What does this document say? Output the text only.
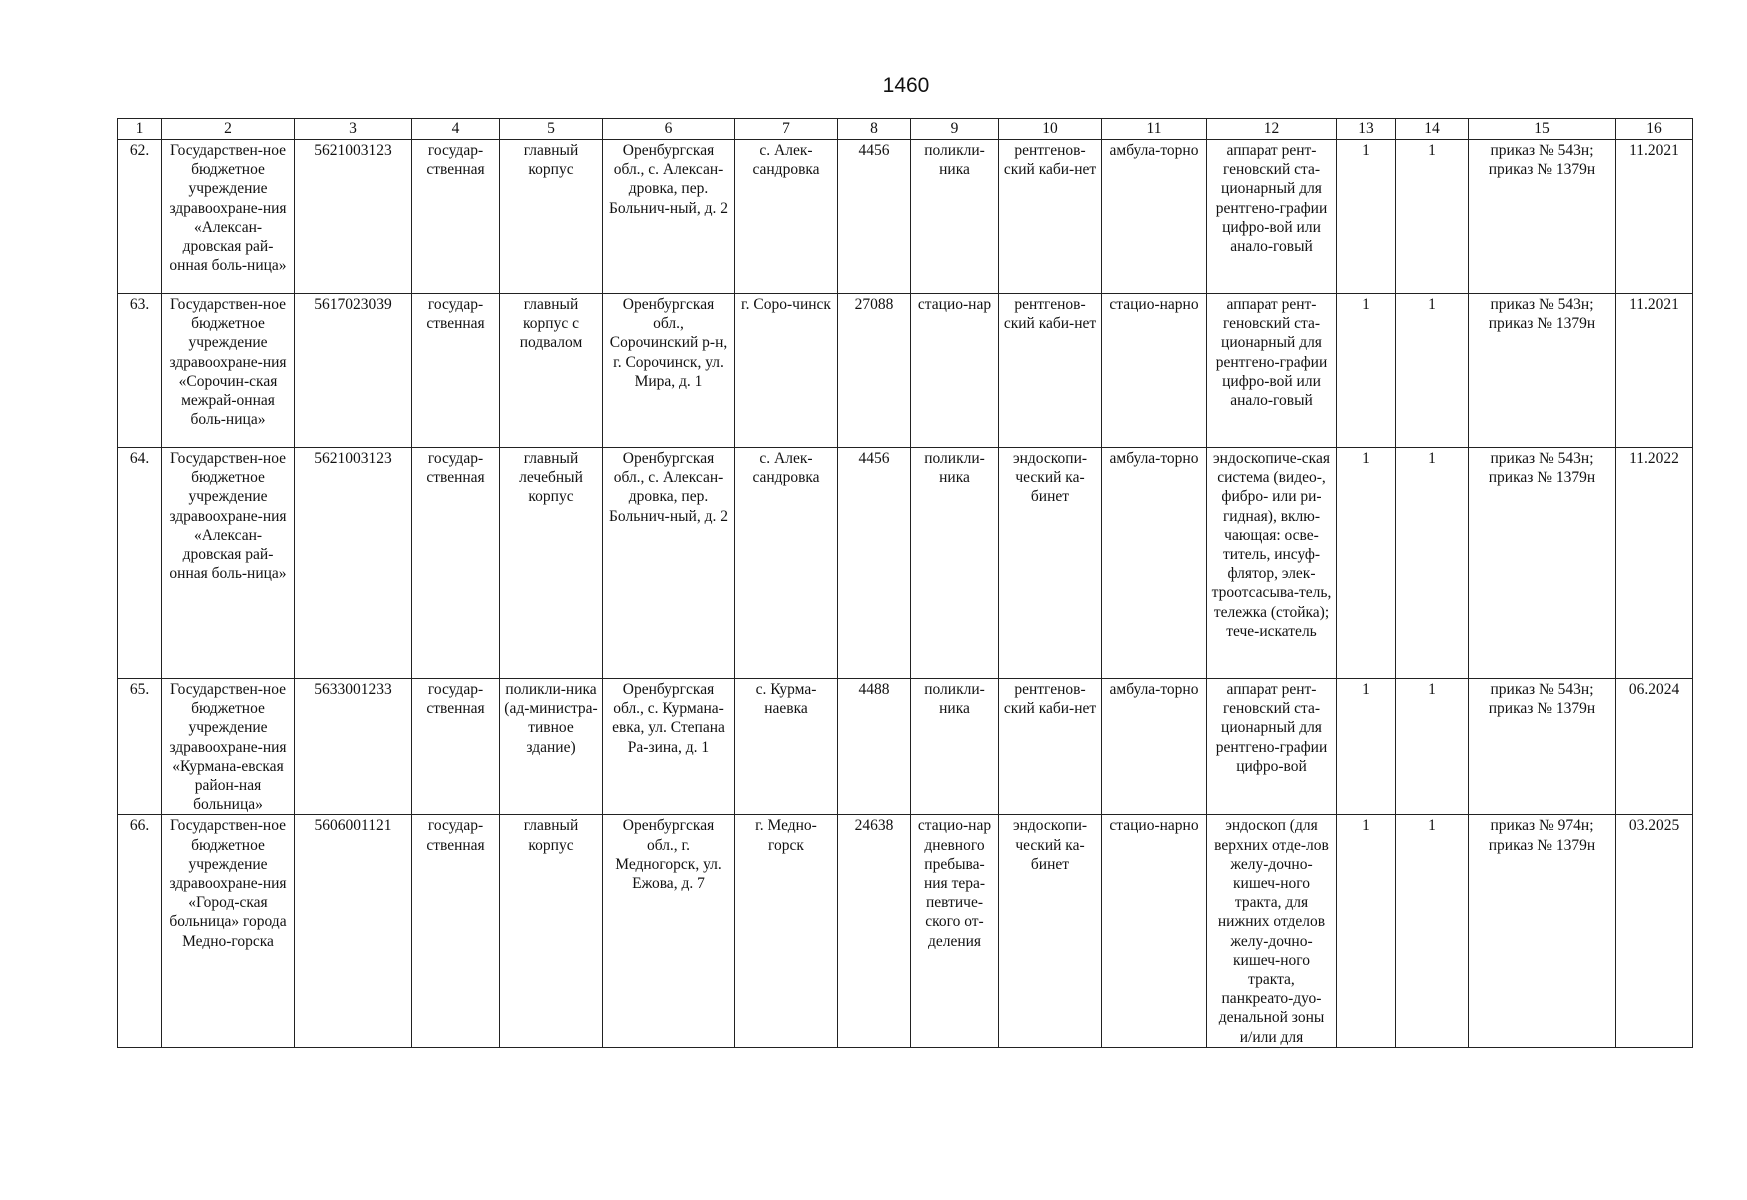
1460
1	2	3	4	5	6	7	8	9	10	11	12	13	14	15	16
62.	Государствен-ное бюджетное учреждение здравоохране-ния «Алексан-дровская рай-онная боль-ница»	5621003123	государ-ственная	главный корпус	Оренбургская обл., с. Алексан-дровка, пер. Больнич-ный, д. 2	с. Алек-сандровка	4456	поликли-ника	рентгенов-ский каби-нет	амбула-торно	аппарат рент-геновский ста-ционарный для рентгено-графии цифро-вой или анало-говый	1	1	приказ № 543н; приказ № 1379н	11.2021
63.	Государствен-ное бюджетное учреждение здравоохране-ния «Сорочин-ская межрай-онная боль-ница»	5617023039	государ-ственная	главный корпус с подвалом	Оренбургская обл., Сорочинский р-н, г. Сорочинск, ул. Мира, д. 1	г. Соро-чинск	27088	стацио-нар	рентгенов-ский каби-нет	стацио-нарно	аппарат рент-геновский ста-ционарный для рентгено-графии цифро-вой или анало-говый	1	1	приказ № 543н; приказ № 1379н	11.2021
64.	Государствен-ное бюджетное учреждение здравоохране-ния «Алексан-дровская рай-онная боль-ница»	5621003123	государ-ственная	главный лечебный корпус	Оренбургская обл., с. Алексан-дровка, пер. Больнич-ный, д. 2	с. Алек-сандровка	4456	поликли-ника	эндоскопи-ческий ка-бинет	амбула-торно	эндоскопиче-ская система (видео-, фибро- или ри-гидная), вклю-чающая: осве-титель, инсуф-флятор, элек-троотсасыва-тель, тележка (стойка); тече-искатель	1	1	приказ № 543н; приказ № 1379н	11.2022
65.	Государствен-ное бюджетное учреждение здравоохране-ния «Курмана-евская район-ная больница»	5633001233	государ-ственная	поликли-ника (ад-министра-тивное здание)	Оренбургская обл., с. Курмана-евка, ул. Степана Ра-зина, д. 1	с. Курма-наевка	4488	поликли-ника	рентгенов-ский каби-нет	амбула-торно	аппарат рент-геновский ста-ционарный для рентгено-графии цифро-вой	1	1	приказ № 543н; приказ № 1379н	06.2024
66.	Государствен-ное бюджетное учреждение здравоохране-ния «Город-ская больница» города Медно-горска	5606001121	государ-ственная	главный корпус	Оренбургская обл., г. Медногорск, ул. Ежова, д. 7	г. Медно-горск	24638	стацио-нар дневного пребыва-ния тера-певтиче-ского от-деления	эндоскопи-ческий ка-бинет	стацио-нарно	эндоскоп (для верхних отде-лов желу-дочно-кишеч-ного тракта, для нижних отделов желу-дочно-кишеч-ного тракта, панкреато-дуо-денальной зоны и/или для	1	1	приказ № 974н; приказ № 1379н	03.2025
